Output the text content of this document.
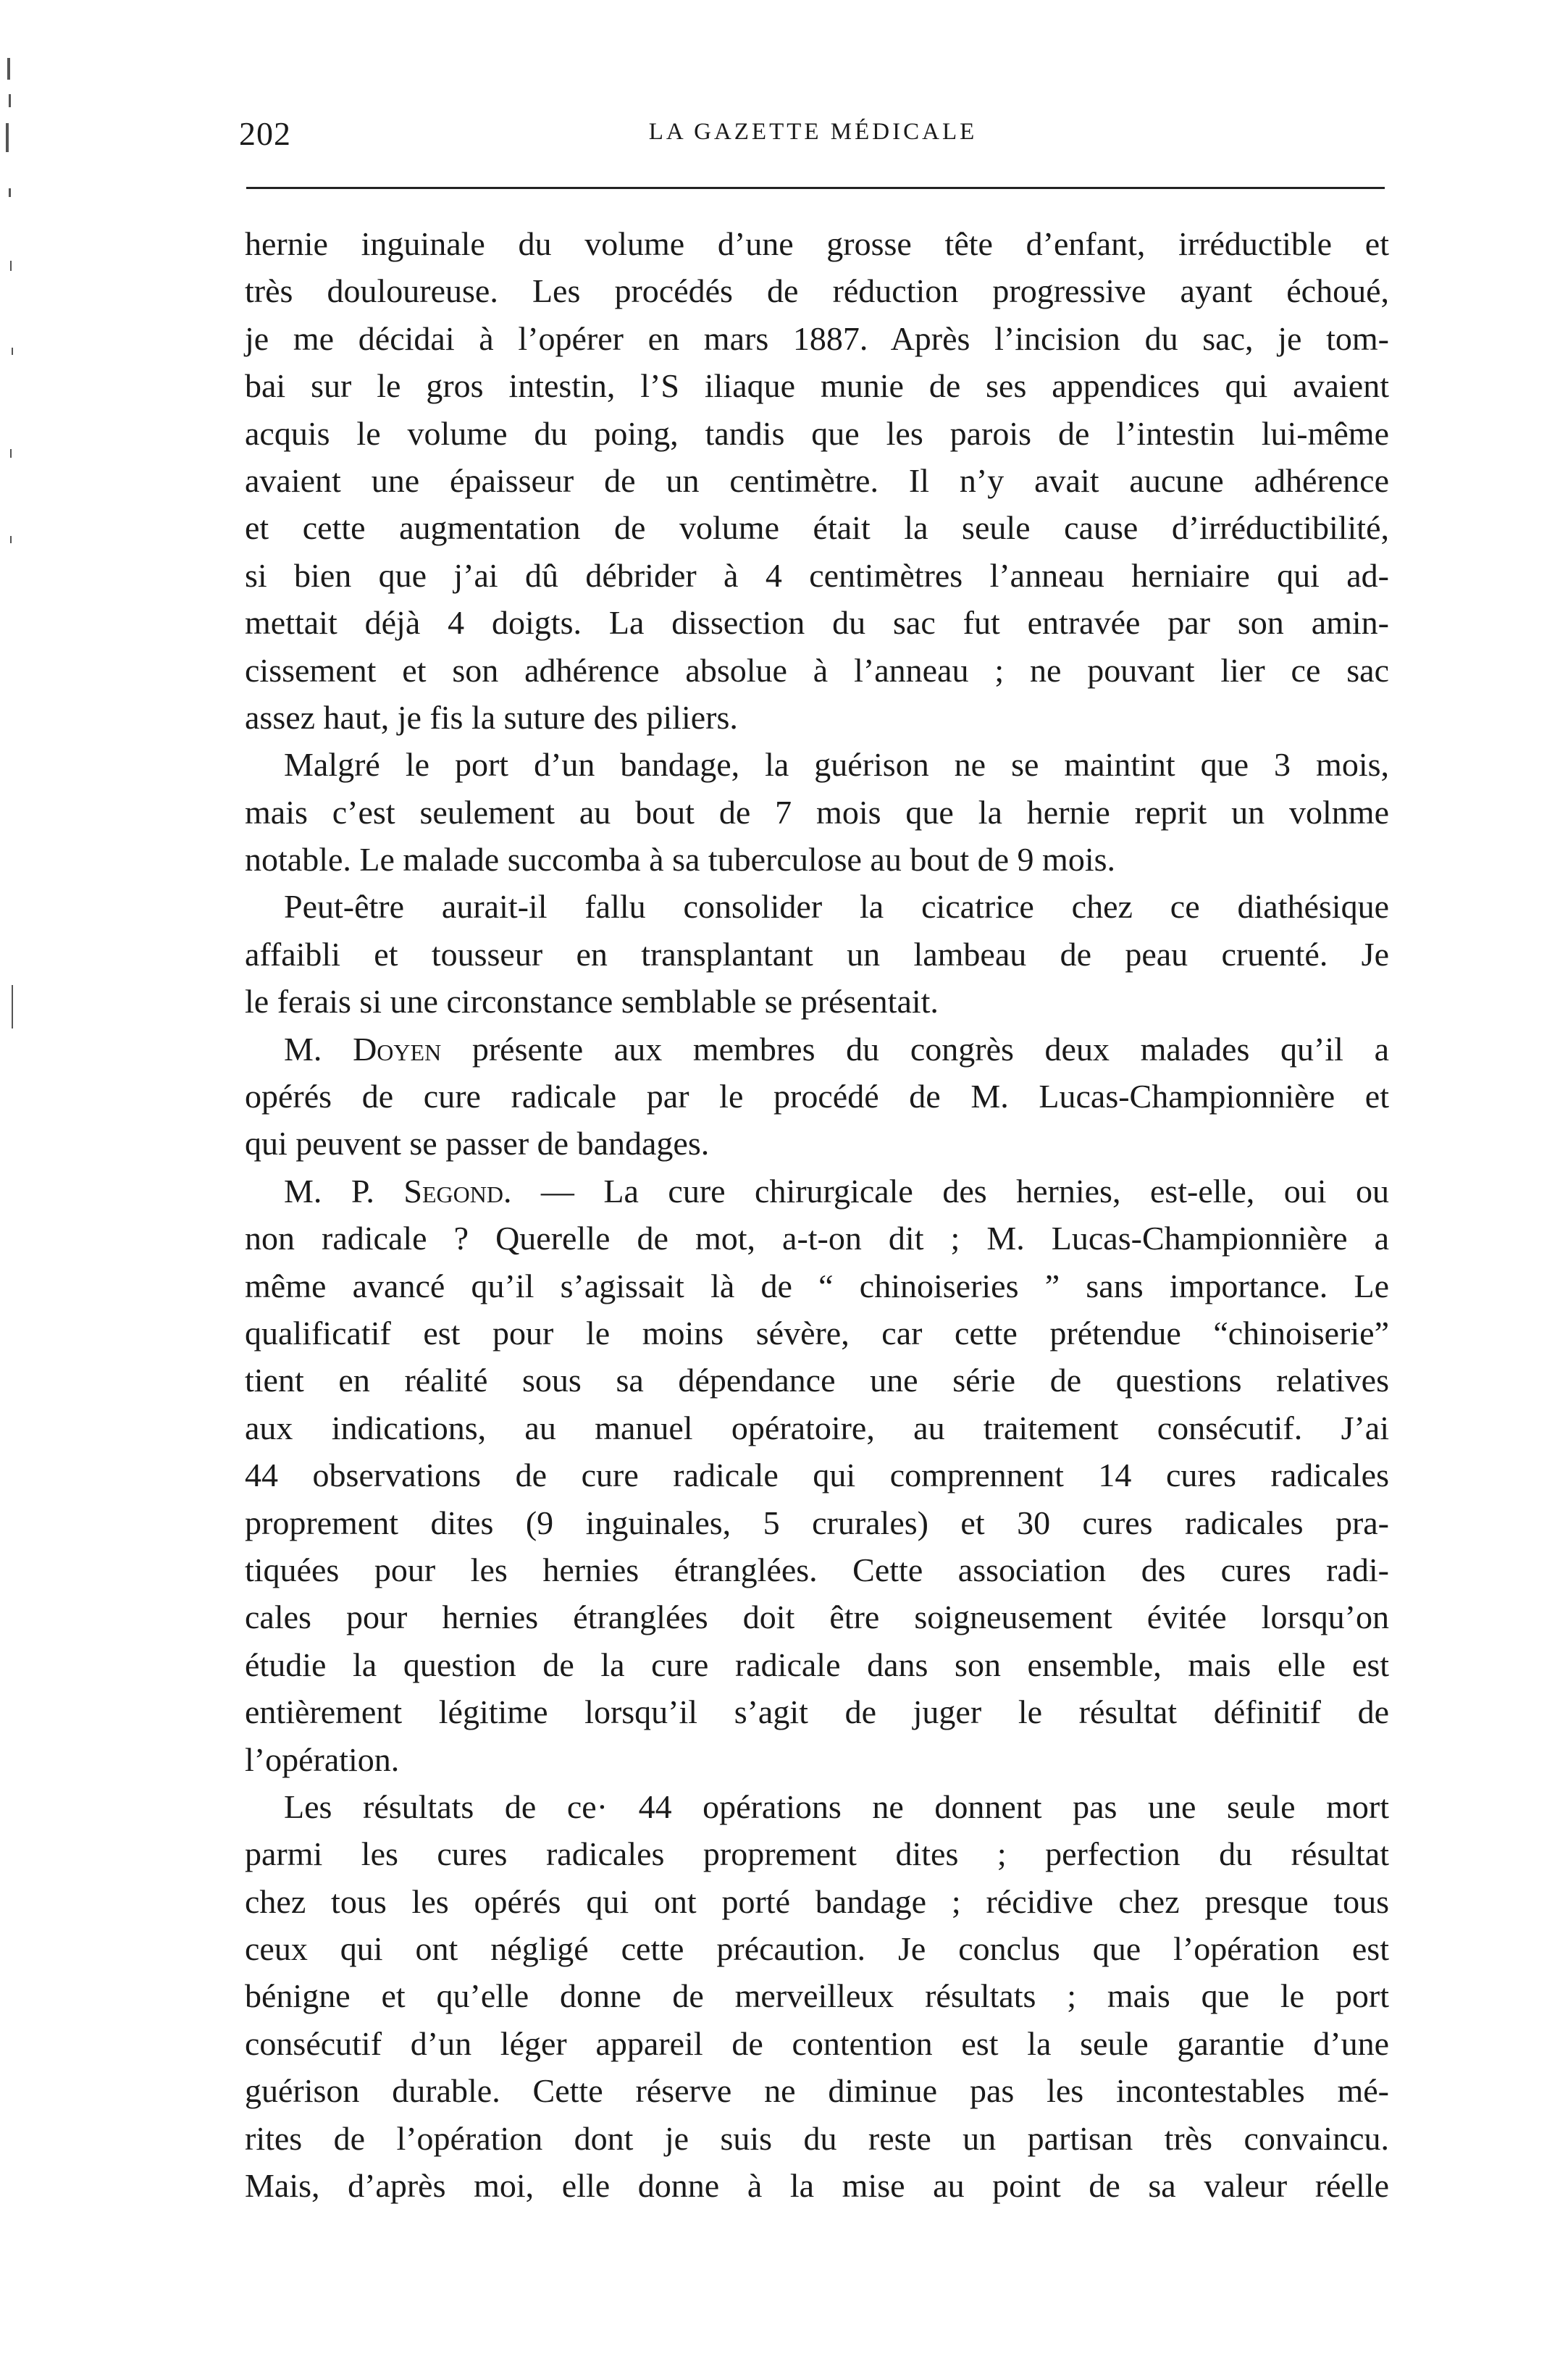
202	LA GAZETTE MÉDICALE
hernie inguinale du volume d’une grosse tête d’enfant, irréductible et
très douloureuse. Les procédés de réduction progressive ayant échoué,
je me décidai à l’opérer en mars 1887. Après l’incision du sac, je tom-
bai sur le gros intestin, l’S iliaque munie de ses appendices qui avaient
acquis le volume du poing, tandis que les parois de l’intestin lui-même
avaient une épaisseur de un centimètre. Il n’y avait aucune adhérence
et cette augmentation de volume était la seule cause d’irréductibilité,
si bien que j’ai dû débrider à 4 centimètres l’anneau herniaire qui ad-
mettait déjà 4 doigts. La dissection du sac fut entravée par son amin-
cissement et son adhérence absolue à l’anneau ; ne pouvant lier ce sac
assez haut, je fis la suture des piliers.
Malgré le port d’un bandage, la guérison ne se maintint que 3 mois,
mais c’est seulement au bout de 7 mois que la hernie reprit un volnme
notable. Le malade succomba à sa tuberculose au bout de 9 mois.
Peut-être aurait-il fallu consolider la cicatrice chez ce diathésique
affaibli et tousseur en transplantant un lambeau de peau cruenté. Je
le ferais si une circonstance semblable se présentait.
M. Doyen présente aux membres du congrès deux malades qu’il a
opérés de cure radicale par le procédé de M. Lucas-Championnière et
qui peuvent se passer de bandages.
M. P. Segond. — La cure chirurgicale des hernies, est-elle, oui ou
non radicale ? Querelle de mot, a-t-on dit ; M. Lucas-Championnière a
même avancé qu’il s’agissait là de “ chinoiseries ” sans importance. Le
qualificatif est pour le moins sévère, car cette prétendue “chinoiserie”
tient en réalité sous sa dépendance une série de questions relatives
aux indications, au manuel opératoire, au traitement consécutif. J’ai
44 observations de cure radicale qui comprennent 14 cures radicales
proprement dites (9 inguinales, 5 crurales) et 30 cures radicales pra-
tiquées pour les hernies étranglées. Cette association des cures radi-
cales pour hernies étranglées doit être soigneusement évitée lorsqu’on
étudie la question de la cure radicale dans son ensemble, mais elle est
entièrement légitime lorsqu’il s’agit de juger le résultat définitif de
l’opération.
Les résultats de ce· 44 opérations ne donnent pas une seule mort
parmi les cures radicales proprement dites ; perfection du résultat
chez tous les opérés qui ont porté bandage ; récidive chez presque tous
ceux qui ont négligé cette précaution. Je conclus que l’opération est
bénigne et qu’elle donne de merveilleux résultats ; mais que le port
consécutif d’un léger appareil de contention est la seule garantie d’une
guérison durable. Cette réserve ne diminue pas les incontestables mé-
rites de l’opération dont je suis du reste un partisan très convaincu.
Mais, d’après moi, elle donne à la mise au point de sa valeur réelle
